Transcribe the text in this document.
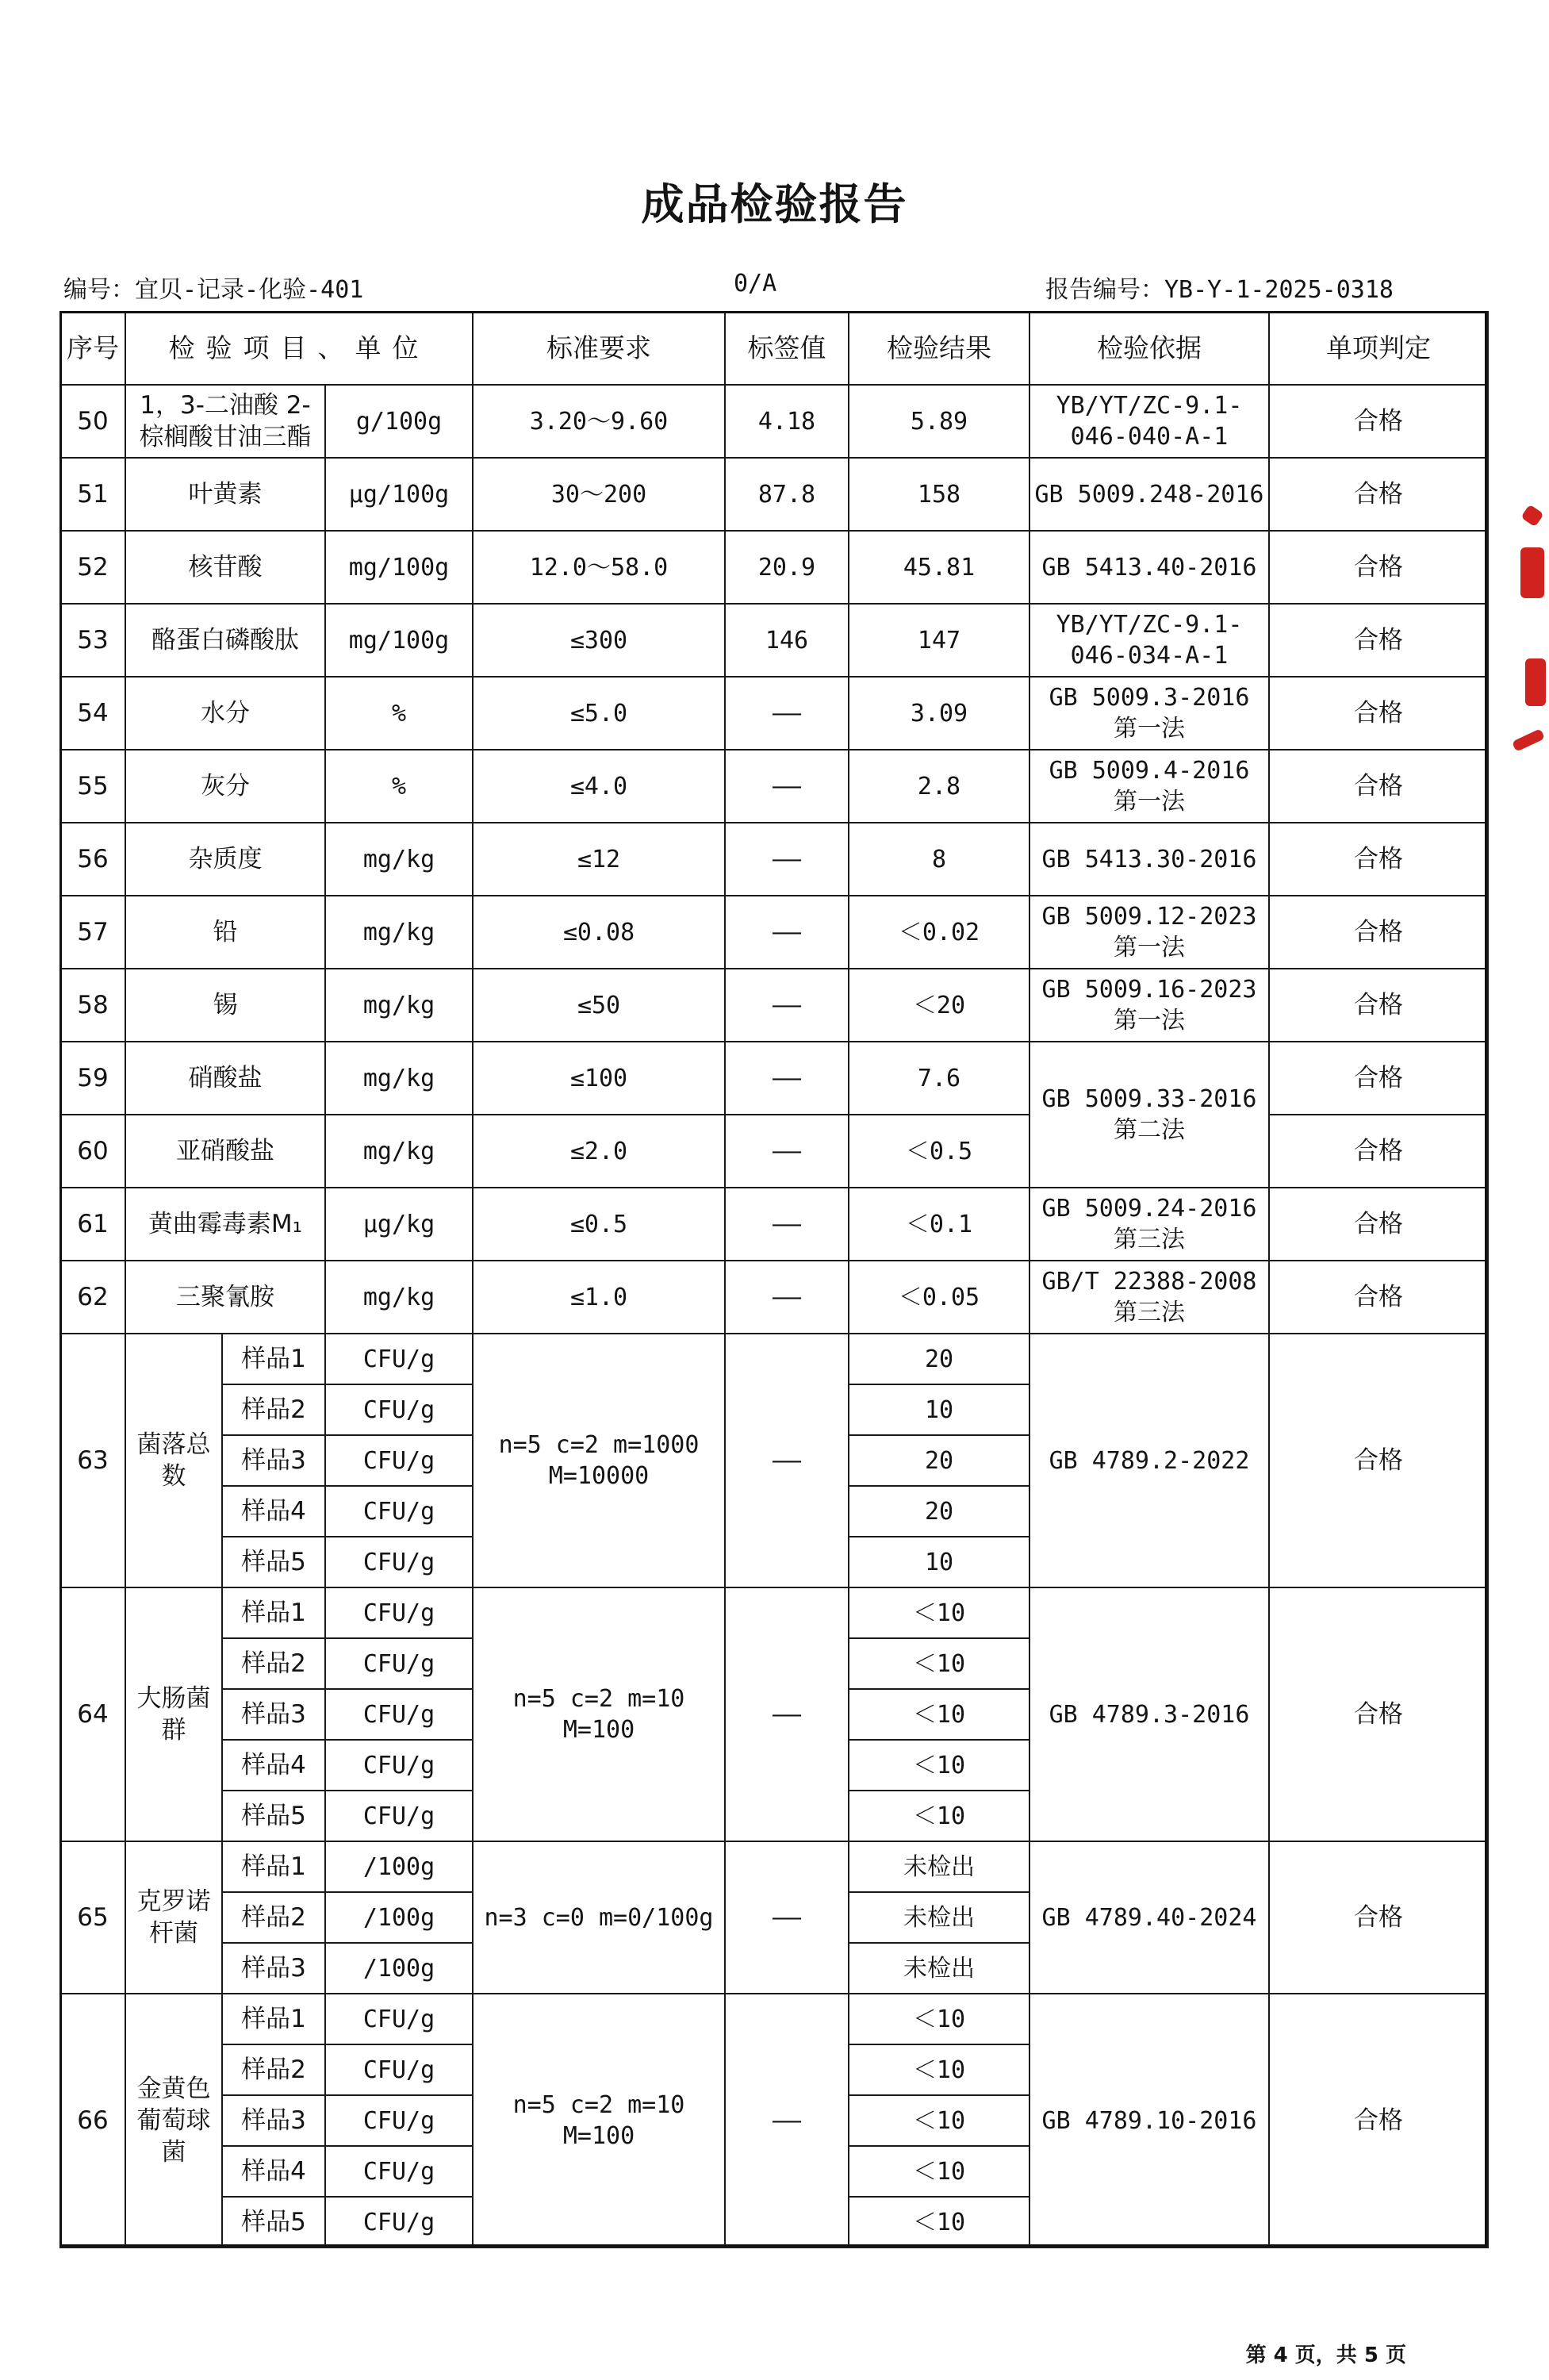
成品检验报告
编号：宜贝-记录-化验-401	0/A	报告编号：YB-Y-1-2025-0318
序号	检验项目、单位			标准要求	标签值	检验结果	检验依据	单项判定
50	1，3-二油酸 2-棕榈酸甘油三酯		g/100g	3.20～9.60	4.18	5.89	YB/YT/ZC-9.1-046-040-A-1	合格
51	叶黄素		μg/100g	30～200	87.8	158	GB 5009.248-2016	合格
52	核苷酸		mg/100g	12.0～58.0	20.9	45.81	GB 5413.40-2016	合格
53	酪蛋白磷酸肽		mg/100g	≤300	146	147	YB/YT/ZC-9.1-046-034-A-1	合格
54	水分		%	≤5.0	——	3.09	GB 5009.3-2016 第一法	合格
55	灰分		%	≤4.0	——	2.8	GB 5009.4-2016 第一法	合格
56	杂质度		mg/kg	≤12	——	8	GB 5413.30-2016	合格
57	铅		mg/kg	≤0.08	——	＜0.02	GB 5009.12-2023 第一法	合格
58	锡		mg/kg	≤50	——	＜20	GB 5009.16-2023 第一法	合格
59	硝酸盐		mg/kg	≤100	——	7.6	GB 5009.33-2016 第二法	合格
60	亚硝酸盐		mg/kg	≤2.0	——	＜0.5		合格
61	黄曲霉毒素M₁		μg/kg	≤0.5	——	＜0.1	GB 5009.24-2016 第三法	合格
62	三聚氰胺		mg/kg	≤1.0	——	＜0.05	GB/T 22388-2008 第三法	合格
63	菌落总数	样品1	CFU/g	n=5 c=2 m=1000 M=10000	——	20	GB 4789.2-2022	合格
		样品2	CFU/g			10		
		样品3	CFU/g			20		
		样品4	CFU/g			20		
		样品5	CFU/g			10		
64	大肠菌群	样品1	CFU/g	n=5 c=2 m=10 M=100	——	＜10	GB 4789.3-2016	合格
		样品2	CFU/g			＜10		
		样品3	CFU/g			＜10		
		样品4	CFU/g			＜10		
		样品5	CFU/g			＜10		
65	克罗诺杆菌	样品1	/100g	n=3 c=0 m=0/100g	——	未检出	GB 4789.40-2024	合格
		样品2	/100g			未检出		
		样品3	/100g			未检出		
66	金黄色葡萄球菌	样品1	CFU/g	n=5 c=2 m=10 M=100	——	＜10	GB 4789.10-2016	合格
		样品2	CFU/g			＜10		
		样品3	CFU/g			＜10		
		样品4	CFU/g			＜10		
		样品5	CFU/g			＜10		
第 4 页，共 5 页
